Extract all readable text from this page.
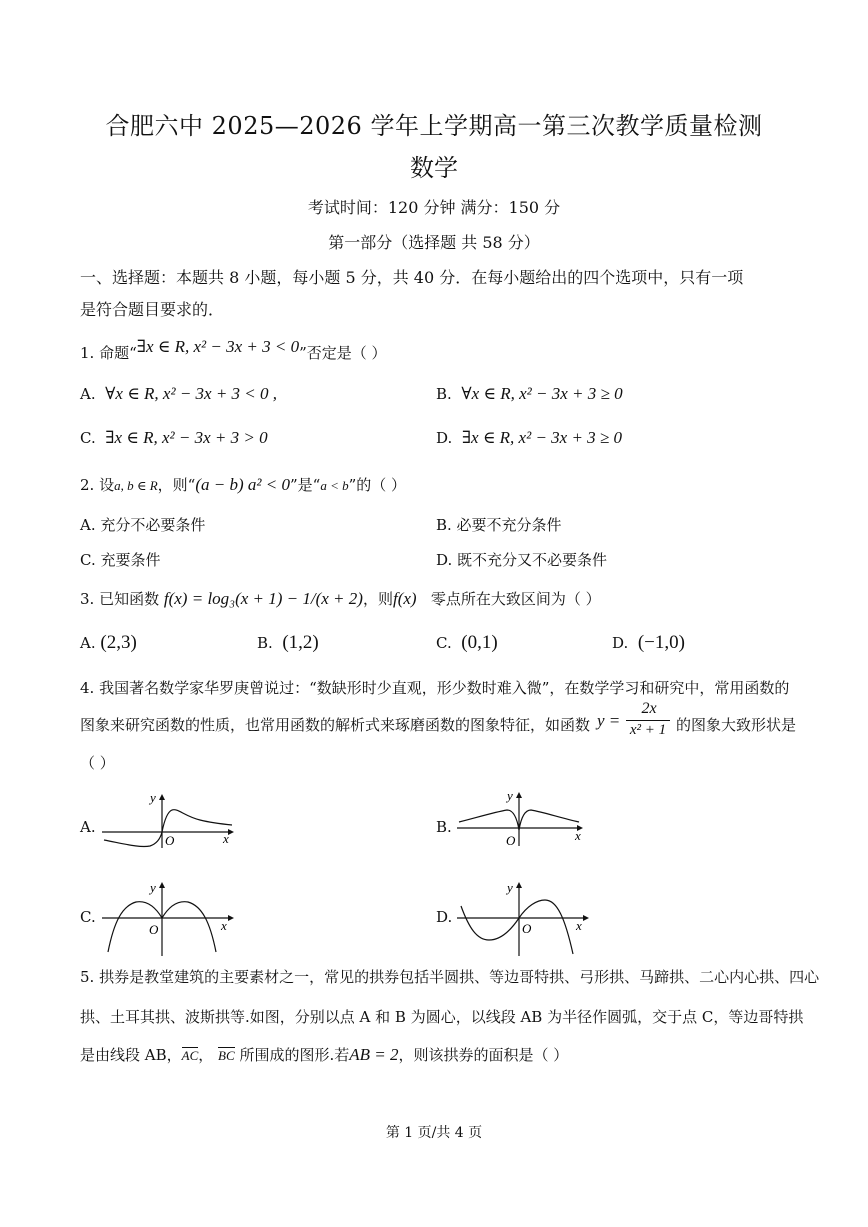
合肥六中 2025—2026 学年上学期高一第三次教学质量检测
数学
考试时间：120 分钟 满分：150 分
第一部分（选择题 共 58 分）
一、选择题：本题共 8 小题，每小题 5 分，共 40 分．在每小题给出的四个选项中，只有一项
是符合题目要求的．
1. 命题“∃x ∈ R, x² − 3x + 3 < 0”否定是（ ）
A. ∀x ∈ R, x² − 3x + 3 < 0 ,	B. ∀x ∈ R, x² − 3x + 3 ≥ 0
C. ∃x ∈ R, x² − 3x + 3 > 0	D. ∃x ∈ R, x² − 3x + 3 ≥ 0
2. 设a, b ∈ R，则“(a − b) a² < 0”是“a < b”的（ ）
A. 充分不必要条件	B. 必要不充分条件
C. 充要条件	D. 既不充分又不必要条件
3. 已知函数 f(x) = log₃(x + 1) − 1/(x + 2)，则f(x) 零点所在大致区间为（ ）
A. (2,3)	B. (1,2)	C. (0,1)	D. (−1,0)
4. 我国著名数学家华罗庚曾说过：“数缺形时少直观，形少数时难入微”，在数学学习和研究中，常用函数的
图象来研究函数的性质，也常用函数的解析式来琢磨函数的图象特征，如函数 y =
2x
x² + 1 的图象大致形状是
（ ）
A.
y
x
O
B.
y
x
O
C.
y
x
O
D.
y
x
O
5. 拱券是教堂建筑的主要素材之一，常见的拱券包括半圆拱、等边哥特拱、弓形拱、马蹄拱、二心内心拱、四心
拱、土耳其拱、波斯拱等.如图，分别以点 A 和 B 为圆心，以线段 AB 为半径作圆弧，交于点 C，等边哥特拱
是由线段 AB，AC， BC 所围成的图形.若AB = 2，则该拱券的面积是（ ）
第 1 页/共 4 页
